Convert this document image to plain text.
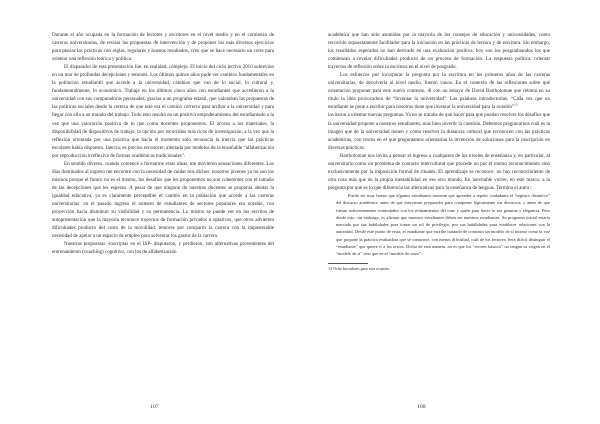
Durante el año ocupada en la formación de lectores y escritores en el nivel medio y en el comienzo de carreras universitarias, de revisar las propuestas de intervención y de proponer los más diversos ejercicios para pensar las prácticas con reglas, regulares y buenos resultados, creo que se hace necesario un corte para orientar una reflexión teórica y política.

El disparador de esta presentación fue, en realidad, complejo. El inicio del ciclo lectivo 2016 sobrevino en un mar de profundas decepciones y temores. Los últimos quince años pude ver cambios fundamentales en la población estudiantil que accede a la universidad, cambios que van de lo social, lo cultural y, fundamentalmente, lo económico. Trabajé en los últimos cinco años con estudiantes que accedieron a la universidad con sus computadoras personales, gracias a un programa estatal, que valoraban las propuestas de las políticas sociales desde la certeza de que este era el camino correcto para arribar a la universidad y para llegar con ella a un mundo del trabajo. Todo esto resultó en un positivo empoderamiento del estudiantado a la vez que una valoración positiva de lo que como docentes proponemos. El acceso a los materiales, la disponibilidad de dispositivos de trabajo, la opción por recorridos más ricos de investigación, a la vez que la reflexión orientada por una práctica que hacía el momento sólo reconocía la inercia que las prácticas escolares había dispuesto. Inercia, es preciso reconocer, alentada por modelos de la ensoñable “alfabetización por reproducción irreflexiva de formas académicas tradicionales”.

En sentido diverso, cuando comencé a formarme estas ideas, me movieron sensaciones diferentes. Los días dominados al ingreso me encontré con la necesidad de cuidar mis dichos: nosotros jóvenes ya no son los mismos porque el futuro no es el mismo, los desafíos que les proponemos no son coherentes con el tamaño de las decepciones que les esperan. A pesar de que ninguno de nuestros docentes se proponía alentar la igualdad educativa, ya es claramente perceptible el cambio en la población que accede a las carreras universitarias: en el pasado ingreso el número de estudiantes de sectores populares era notable, con proyección hacia disminuir su visibilidad y su permanencia. Lo mismo se puede ver en los escritos de autopresentación que la mayoría reconoce trayectos de formación privados u optativos, que otros advierten dificultades producto del costo de la movilidad, temores por compartir la carrera con la imposterable necesidad de apelar a un espacio de empleo para solventar los gastos de la carrera.

Nuestras propuestas -inscriptas en el ISP- disputaron, y perdieron, son alternativas provenientes del entrenamiento (coaching) cognitivo, con los de alfabetización

107

académica que han sido asumidas por la mayoría de los consejos de educación y universidades, como recorrido supuestamente facilitador para la iniciación en las prácticas de lectura y de escritura. Sin embargo, los resultados esperados no han derivado en una evaluación positiva: hoy son los posgraduandos los que comienzan a revelar dificultades producto de un proceso de formación. La respuesta política: orientar trayectos de reflexión sobre la escritura en el nivel de posgrado.

Los esfuerzos por incorporar la pregunta por la escritura en los primeros años de las carreras universitarias, de devolverla al nivel medio, fueron vanos. En el contexto de las reflexiones sobre qué orientación proponer para este nuevo contexto, di con un ensayo de David Bartholomae que retoma en su título la idea provocadora de “Inventar la universidad”. Las palabras introductorias, “Cada vez que un estudiante se pone a escribir para nosotros tiene que inventar la universidad para la ocasión”$^{13}$

invitaron a orientar nuevas preguntas. Ya no se trataba de qué hacer para que puedan resolver los desafíos que la universidad propone a nuestros estudiantes, más bien invertir la cuestión. Debemos preguntarnos cuál es la imagen que de la universidad tienen y cómo resolver la distancia cultural que reconocen con las prácticas académicas, con textos en el que preguntamos orientarían la invención de soluciones para la inscripción en diversas prácticas.

Bartholomae nos invita a pensar el ingreso a cualquiera de los niveles de enseñanza y, en particular, al universitario como un problema de contacto intercultural que procede no por el mutuo reconocimiento sino exclusivamente por la imposición formal de rituales. El aprendizaje se reconoce, no hay reconocimiento de otra cosa más que de la propia inestabilidad en ese otro mundo. En inevitable volver, en este marco, a la pregunta por qué es lo que diferencia las alternativas para la enseñanza de lenguas. Termina el autor:

Puedo ser muy bueno que algunos estudiantes tuvieran que aprender a repetir ciudadanía el “registro distintivo” del discurso académico antes de que estuvieran preparados para componer lógicamente sus discursos, y antes de que fueran suficientemente estimulados con los refinamientos del tono y quién para hacer lo sea genuina y elegancia. Pero desde esto, sin embargo, es afirmar que nuestros estudiantes deben ser nuestros estudiantes. Su programa inicial estaría marcado por sus habilidades para tomar un rol de privilegio, por sus habilidades para establecer relaciones con la autoridad. Desde este punto de vista, el estudiante que escribe tratando de construir un modelo de sí mismo como la voz que propone la práctica evaluadora que se construye, con menos dificultad, cuál de los lectores. Será difícil distinguir el “estudiante” que quiere ir a los textos. Dicho de esta manera, no es que los “errores básicos” no tengan su origen en el “modelo de sí” sino que en el “modelo de otros”.

13 Ocho bucadores para esta ocasión.
108
